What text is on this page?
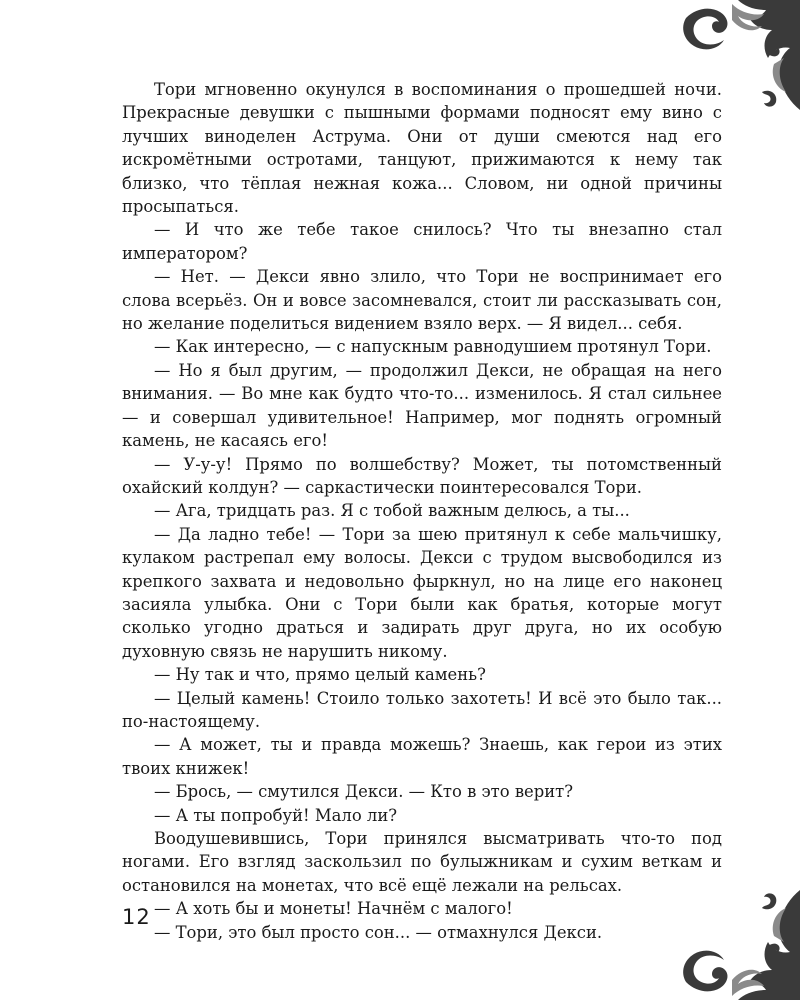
Тори мгновенно окунулся в воспоминания о прошедшей ночи. Прекрасные девушки с пышными формами подносят ему вино с лучших виноделен Аструма. Они от души смеются над его искромётными остротами, танцуют, прижимаются к нему так близко, что тёплая нежная кожа... Словом, ни одной причины просыпаться.

— И что же тебе такое снилось? Что ты внезапно стал императором?

— Нет. — Декси явно злило, что Тори не воспринимает его слова всерьёз. Он и вовсе засомневался, стоит ли рассказывать сон, но желание поделиться видением взяло верх. — Я видел... себя.

— Как интересно, — с напускным равнодушием протянул Тори.

— Но я был другим, — продолжил Декси, не обращая на него внимания. — Во мне как будто что-то... изменилось. Я стал сильнее — и совершал удивительное! Например, мог поднять огромный камень, не касаясь его!

— У-у-у! Прямо по волшебству? Может, ты потомственный охайский колдун? — саркастически поинтересовался Тори.

— Ага, тридцать раз. Я с тобой важным делюсь, а ты...

— Да ладно тебе! — Тори за шею притянул к себе мальчишку, кулаком растрепал ему волосы. Декси с трудом высвободился из крепкого захвата и недовольно фыркнул, но на лице его наконец засияла улыбка. Они с Тори были как братья, которые могут сколько угодно драться и задирать друг друга, но их особую духовную связь не нарушить никому.

— Ну так и что, прямо целый камень?

— Целый камень! Стоило только захотеть! И всё это было так... по-настоящему.

— А может, ты и правда можешь? Знаешь, как герои из этих твоих книжек!

— Брось, — смутился Декси. — Кто в это верит?

— А ты попробуй! Мало ли?

Воодушевившись, Тори принялся высматривать что-то под ногами. Его взгляд заскользил по булыжникам и сухим веткам и остановился на монетах, что всё ещё лежали на рельсах.

— А хоть бы и монеты! Начнём с малого!

— Тори, это был просто сон... — отмахнулся Декси.

12
